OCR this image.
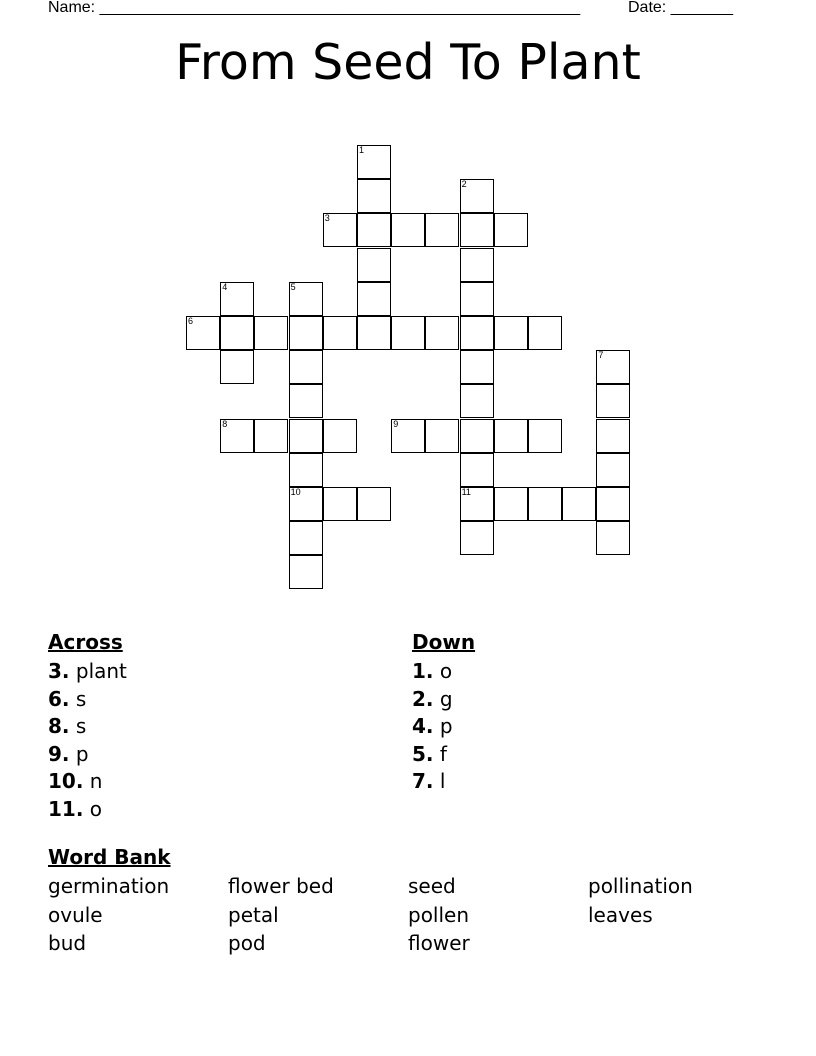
Name: ______________________________________________________	Date: _______
From Seed To Plant
1
2
3
4	5
6
7
8	9
10	11
Across
3. plant
6. s
8. s
9. p
10. n
11. o
Down
1. o
2. g
4. p
5. f
7. l
Word Bank
germination	flower bed	seed	pollination
ovule	petal	pollen	leaves
bud	pod	flower
